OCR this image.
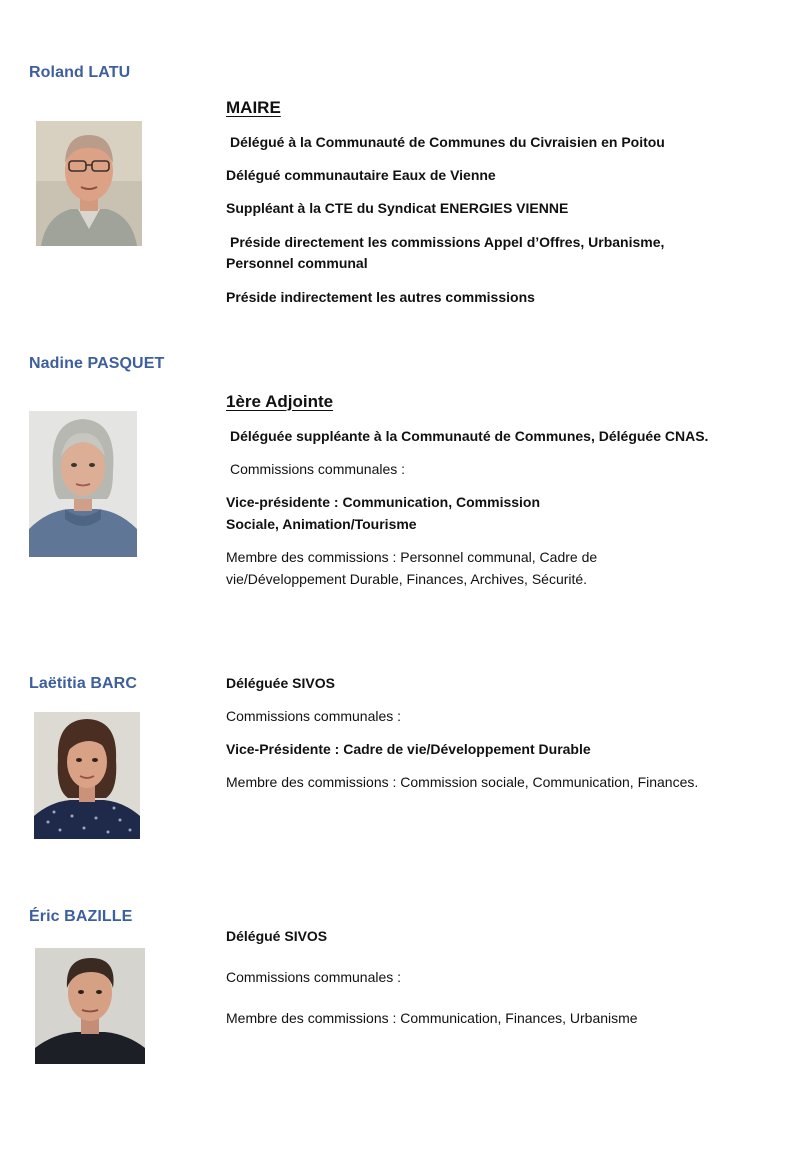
Roland LATU

MAIRE

Délégué à la Communauté de Communes du Civraisien en Poitou

Délégué communautaire Eaux de Vienne

Suppléant à la CTE du Syndicat ENERGIES VIENNE

Préside directement les commissions Appel d’Offres, Urbanisme,

Personnel communal

Préside indirectement les autres commissions

Nadine PASQUET

1ère Adjointe

Déléguée suppléante à la Communauté de Communes, Déléguée CNAS.

Commissions communales :

Vice-présidente : Communication, Commission

Sociale, Animation/Tourisme

Membre des commissions : Personnel communal, Cadre de

vie/Développement Durable, Finances, Archives, Sécurité.

Laëtitia BARC	Déléguée SIVOS

Commissions communales :

Vice-Présidente : Cadre de vie/Développement Durable

Membre des commissions : Commission sociale, Communication, Finances.

Éric BAZILLE

Délégué SIVOS

Commissions communales :

Membre des commissions : Communication, Finances, Urbanisme
